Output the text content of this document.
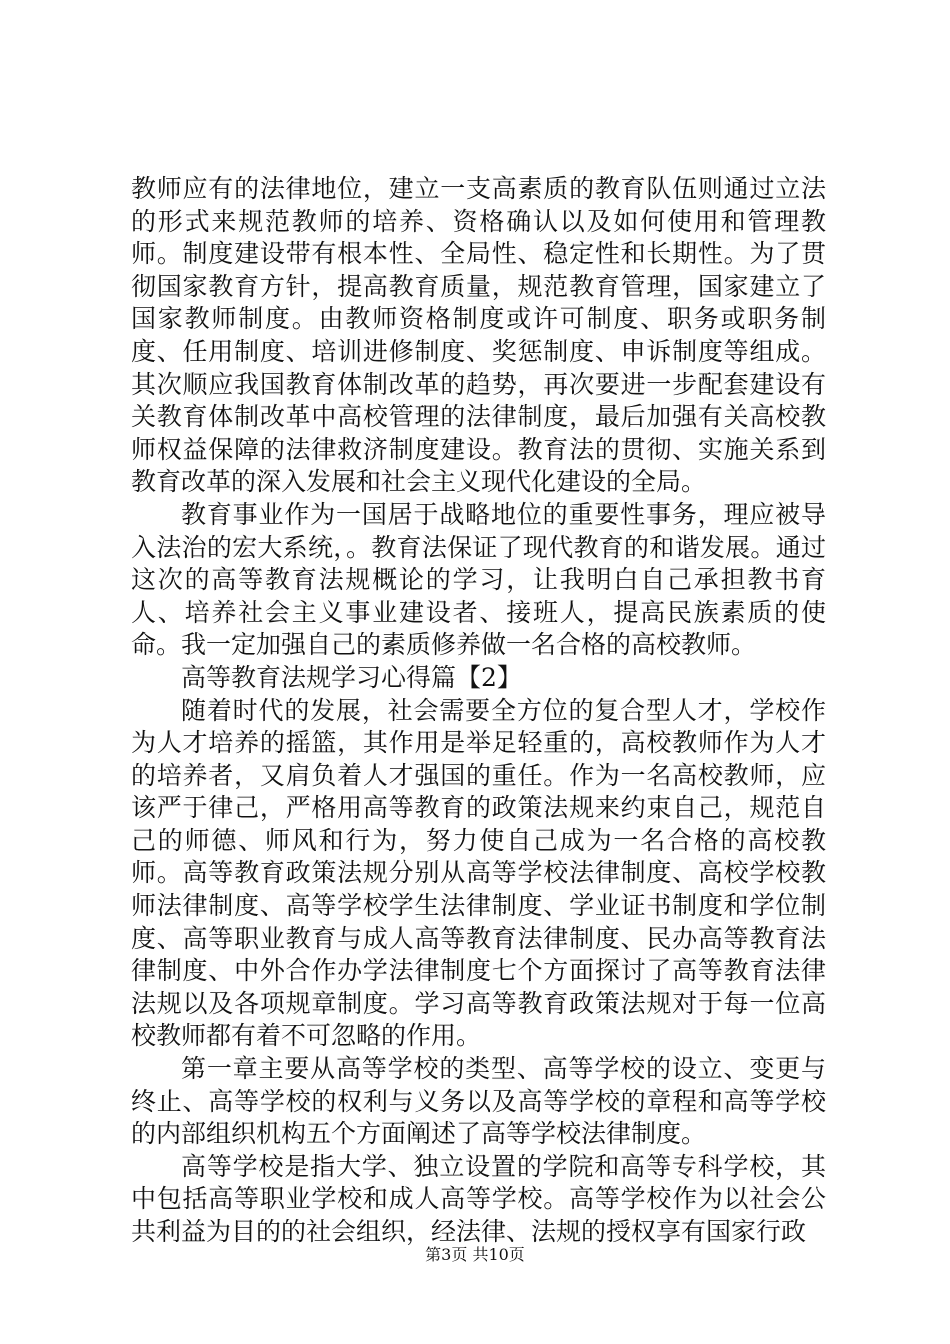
教师应有的法律地位，建立一支高素质的教育队伍则通过立法的形式来规范教师的培养、资格确认以及如何使用和管理教师。制度建设带有根本性、全局性、稳定性和长期性。为了贯彻国家教育方针，提高教育质量，规范教育管理，国家建立了国家教师制度。由教师资格制度或许可制度、职务或职务制度、任用制度、培训进修制度、奖惩制度、申诉制度等组成。其次顺应我国教育体制改革的趋势，再次要进一步配套建设有关教育体制改革中高校管理的法律制度，最后加强有关高校教师权益保障的法律救济制度建设。教育法的贯彻、实施关系到教育改革的深入发展和社会主义现代化建设的全局。

教育事业作为一国居于战略地位的重要性事务，理应被导入法治的宏大系统，。教育法保证了现代教育的和谐发展。通过这次的高等教育法规概论的学习，让我明白自己承担教书育人、培养社会主义事业建设者、接班人，提高民族素质的使命。我一定加强自己的素质修养做一名合格的高校教师。

高等教育法规学习心得篇【2】

随着时代的发展，社会需要全方位的复合型人才，学校作为人才培养的摇篮，其作用是举足轻重的，高校教师作为人才的培养者，又肩负着人才强国的重任。作为一名高校教师，应该严于律己，严格用高等教育的政策法规来约束自己，规范自己的师德、师风和行为，努力使自己成为一名合格的高校教师。高等教育政策法规分别从高等学校法律制度、高校学校教师法律制度、高等学校学生法律制度、学业证书制度和学位制度、高等职业教育与成人高等教育法律制度、民办高等教育法律制度、中外合作办学法律制度七个方面探讨了高等教育法律法规以及各项规章制度。学习高等教育政策法规对于每一位高校教师都有着不可忽略的作用。

第一章主要从高等学校的类型、高等学校的设立、变更与终止、高等学校的权利与义务以及高等学校的章程和高等学校的内部组织机构五个方面阐述了高等学校法律制度。

高等学校是指大学、独立设置的学院和高等专科学校，其中包括高等职业学校和成人高等学校。高等学校作为以社会公共利益为目的的社会组织，经法律、法规的授权享有国家行政

第3页 共10页
